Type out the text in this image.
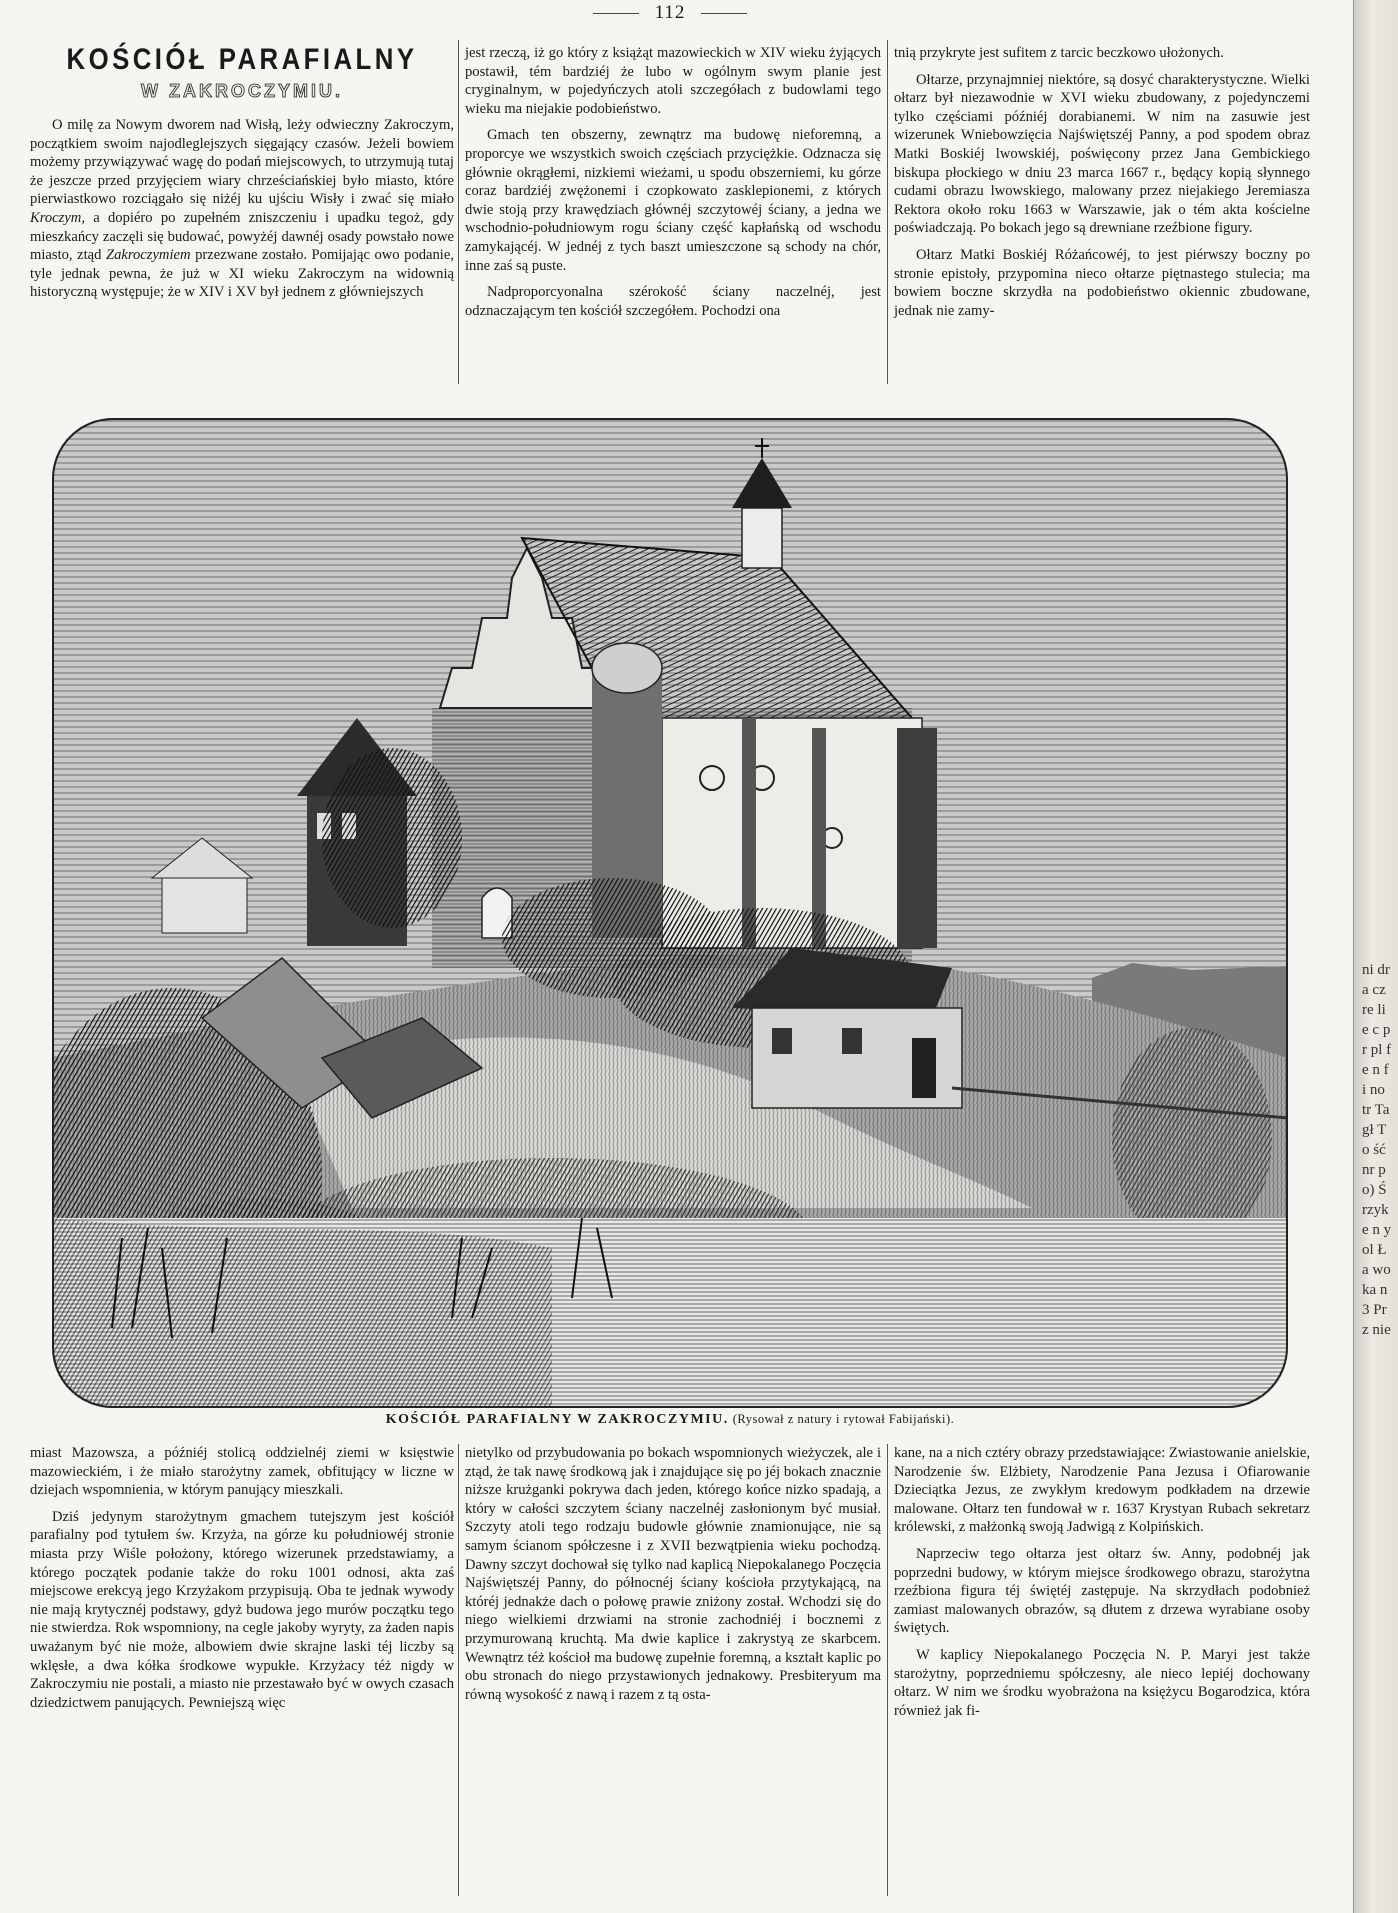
ni dr a cz re lie c pr pl fe n fi no tr Ta gł To ść nr p o) Ś rzyk e n y ol Ła wo ka n 3 Prz nie
112

KOŚCIÓŁ PARAFIALNY

W ZAKROCZYMIU.

O milę za Nowym dworem nad Wisłą, leży odwieczny Zakroczym, początkiem swoim najodleglejszych sięgający czasów. Jeżeli bowiem możemy przywiązywać wagę do podań miejscowych, to utrzymują tutaj że jeszcze przed przyjęciem wiary chrześciańskiej było miasto, które pierwiastkowo rozciągało się niżéj ku ujściu Wisły i zwać się miało Kroczym, a dopiéro po zupełném zniszczeniu i upadku tegoż, gdy mieszkańcy zaczęli się budować, powyżéj dawnéj osady powstało nowe miasto, ztąd Zakroczymiem przezwane zostało. Pomijając owo podanie, tyle jednak pewna, że już w XI wieku Zakroczym na widownią historyczną występuje; że w XIV i XV był jednem z główniejszych

jest rzeczą, iż go który z książąt mazowieckich w XIV wieku żyjących postawił, tém bardziéj że lubo w ogólnym swym planie jest cryginalnym, w pojedyńczych atoli szczegółach z budowlami tego wieku ma niejakie podobieństwo.

Gmach ten obszerny, zewnątrz ma budowę nieforemną, a proporcye we wszystkich swoich częściach przyciężkie. Odznacza się głównie okrągłemi, nizkiemi wieżami, u spodu obszerniemi, ku górze coraz bardziéj zwężonemi i czopkowato zasklepionemi, z których dwie stoją przy krawędziach głównéj szczytowéj ściany, a jedna we wschodnio-południowym rogu ściany część kapłańską od wschodu zamykającéj. W jednéj z tych baszt umieszczone są schody na chór, inne zaś są puste.

Nadproporcyonalna szérokość ściany naczelnéj, jest odznaczającym ten kościół szczegółem. Pochodzi ona

tnią przykryte jest sufitem z tarcic beczkowo ułożonych.

Ołtarze, przynajmniej niektóre, są dosyć charakterystyczne. Wielki ołtarz był niezawodnie w XVI wieku zbudowany, z pojedynczemi tylko częściami późniéj dorabianemi. W nim na zasuwie jest wizerunek Wniebowzięcia Najświętszéj Panny, a pod spodem obraz Matki Boskiéj lwowskiéj, poświęcony przez Jana Gembickiego biskupa płockiego w dniu 23 marca 1667 r., będący kopią słynnego cudami obrazu lwowskiego, malowany przez niejakiego Jeremiasza Rektora około roku 1663 w Warszawie, jak o tém akta kościelne poświadczają. Po bokach jego są drewniane rzeźbione figury.

Ołtarz Matki Boskiéj Różańcowéj, to jest piérwszy boczny po stronie epistoły, przypomina nieco ołtarze piętnastego stulecia; ma bowiem boczne skrzydła na podobieństwo okiennic zbudowane, jednak nie zamy-

KOŚCIÓŁ PARAFIALNY W ZAKROCZYMIU. (Rysował z natury i rytował Fabijański).

miast Mazowsza, a późniéj stolicą oddzielnéj ziemi w księstwie mazowieckiém, i że miało starożytny zamek, obfitujący w liczne w dziejach wspomnienia, w którym panujący mieszkali.

Dziś jedynym starożytnym gmachem tutejszym jest kościół parafialny pod tytułem św. Krzyża, na górze ku południowéj stronie miasta przy Wiśle położony, którego wizerunek przedstawiamy, a którego początek podanie także do roku 1001 odnosi, akta zaś miejscowe erekcyą jego Krzyżakom przypisują. Oba te jednak wywody nie mają krytycznéj podstawy, gdyż budowa jego murów początku tego nie stwierdza. Rok wspomniony, na cegle jakoby wyryty, za żaden napis uważanym być nie może, albowiem dwie skrajne laski téj liczby są wklęsłe, a dwa kółka środkowe wypukłe. Krzyżacy téż nigdy w Zakroczymiu nie postali, a miasto nie przestawało być w owych czasach dziedzictwem panujących. Pewniejszą więc

nietylko od przybudowania po bokach wspomnionych wieżyczek, ale i ztąd, że tak nawę środkową jak i znajdujące się po jéj bokach znacznie niższe krużganki pokrywa dach jeden, którego końce nizko spadają, a który w całości szczytem ściany naczelnéj zasłonionym być musiał. Szczyty atoli tego rodzaju budowle głównie znamionujące, nie są samym ścianom spółczesne i z XVII bezwątpienia wieku pochodzą. Dawny szczyt dochował się tylko nad kaplicą Niepokalanego Poczęcia Najświętszéj Panny, do północnéj ściany kościoła przytykającą, na któréj jednakże dach o połowę prawie zniżony został. Wchodzi się do niego wielkiemi drzwiami na stronie zachodniéj i bocznemi z przymurowaną kruchtą. Ma dwie kaplice i zakrystyą ze skarbcem. Wewnątrz téż kościoł ma budowę zupełnie foremną, a kształt kaplic po obu stronach do niego przystawionych jednakowy. Presbiteryum ma równą wysokość z nawą i razem z tą osta-

kane, na a nich cztéry obrazy przedstawiające: Zwiastowanie anielskie, Narodzenie św. Elżbiety, Narodzenie Pana Jezusa i Ofiarowanie Dzieciątka Jezus, ze zwykłym kredowym podkładem na drzewie malowane. Ołtarz ten fundował w r. 1637 Krystyan Rubach sekretarz królewski, z małżonką swoją Jadwigą z Kolpińskich.

Naprzeciw tego ołtarza jest ołtarz św. Anny, podobnéj jak poprzedni budowy, w którym miejsce środkowego obrazu, starożytna rzeźbiona figura téj świętéj zastępuje. Na skrzydłach podobnież zamiast malowanych obrazów, są dłutem z drzewa wyrabiane osoby świętych.

W kaplicy Niepokalanego Poczęcia N. P. Maryi jest także starożytny, poprzedniemu spółczesny, ale nieco lepiéj dochowany ołtarz. W nim we środku wyobrażona na księżycu Bogarodzica, która również jak fi-
